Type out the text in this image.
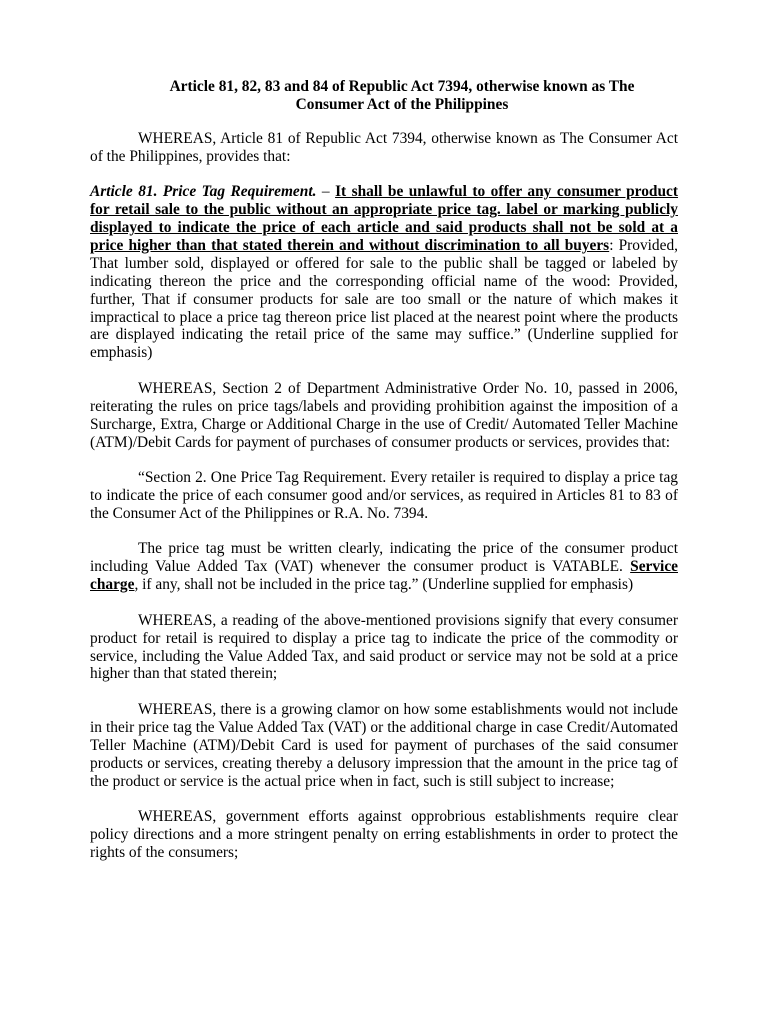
Article 81, 82, 83 and 84 of Republic Act 7394, otherwise known as The
Consumer Act of the Philippines

WHEREAS, Article 81 of Republic Act 7394, otherwise known as The Consumer Act of the Philippines, provides that:

Article 81. Price Tag Requirement. – It shall be unlawful to offer any consumer product for retail sale to the public without an appropriate price tag. label or marking publicly displayed to indicate the price of each article and said products shall not be sold at a price higher than that stated therein and without discrimination to all buyers: Provided, That lumber sold, displayed or offered for sale to the public shall be tagged or labeled by indicating thereon the price and the corresponding official name of the wood: Provided, further, That if consumer products for sale are too small or the nature of which makes it impractical to place a price tag thereon price list placed at the nearest point where the products are displayed indicating the retail price of the same may suffice.” (Underline supplied for emphasis)

WHEREAS, Section 2 of Department Administrative Order No. 10, passed in 2006, reiterating the rules on price tags/labels and providing prohibition against the imposition of a Surcharge, Extra, Charge or Additional Charge in the use of Credit/ Automated Teller Machine (ATM)/Debit Cards for payment of purchases of consumer products or services, provides that:

“Section 2. One Price Tag Requirement. Every retailer is required to display a price tag to indicate the price of each consumer good and/or services, as required in Articles 81 to 83 of the Consumer Act of the Philippines or R.A. No. 7394.

The price tag must be written clearly, indicating the price of the consumer product including Value Added Tax (VAT) whenever the consumer product is VATABLE. Service charge, if any, shall not be included in the price tag.” (Underline supplied for emphasis)

WHEREAS, a reading of the above-mentioned provisions signify that every consumer product for retail is required to display a price tag to indicate the price of the commodity or service, including the Value Added Tax, and said product or service may not be sold at a price higher than that stated therein;

WHEREAS, there is a growing clamor on how some establishments would not include in their price tag the Value Added Tax (VAT) or the additional charge in case Credit/Automated Teller Machine (ATM)/Debit Card is used for payment of purchases of the said consumer products or services, creating thereby a delusory impression that the amount in the price tag of the product or service is the actual price when in fact, such is still subject to increase;

WHEREAS, government efforts against opprobrious establishments require clear policy directions and a more stringent penalty on erring establishments in order to protect the rights of the consumers;
